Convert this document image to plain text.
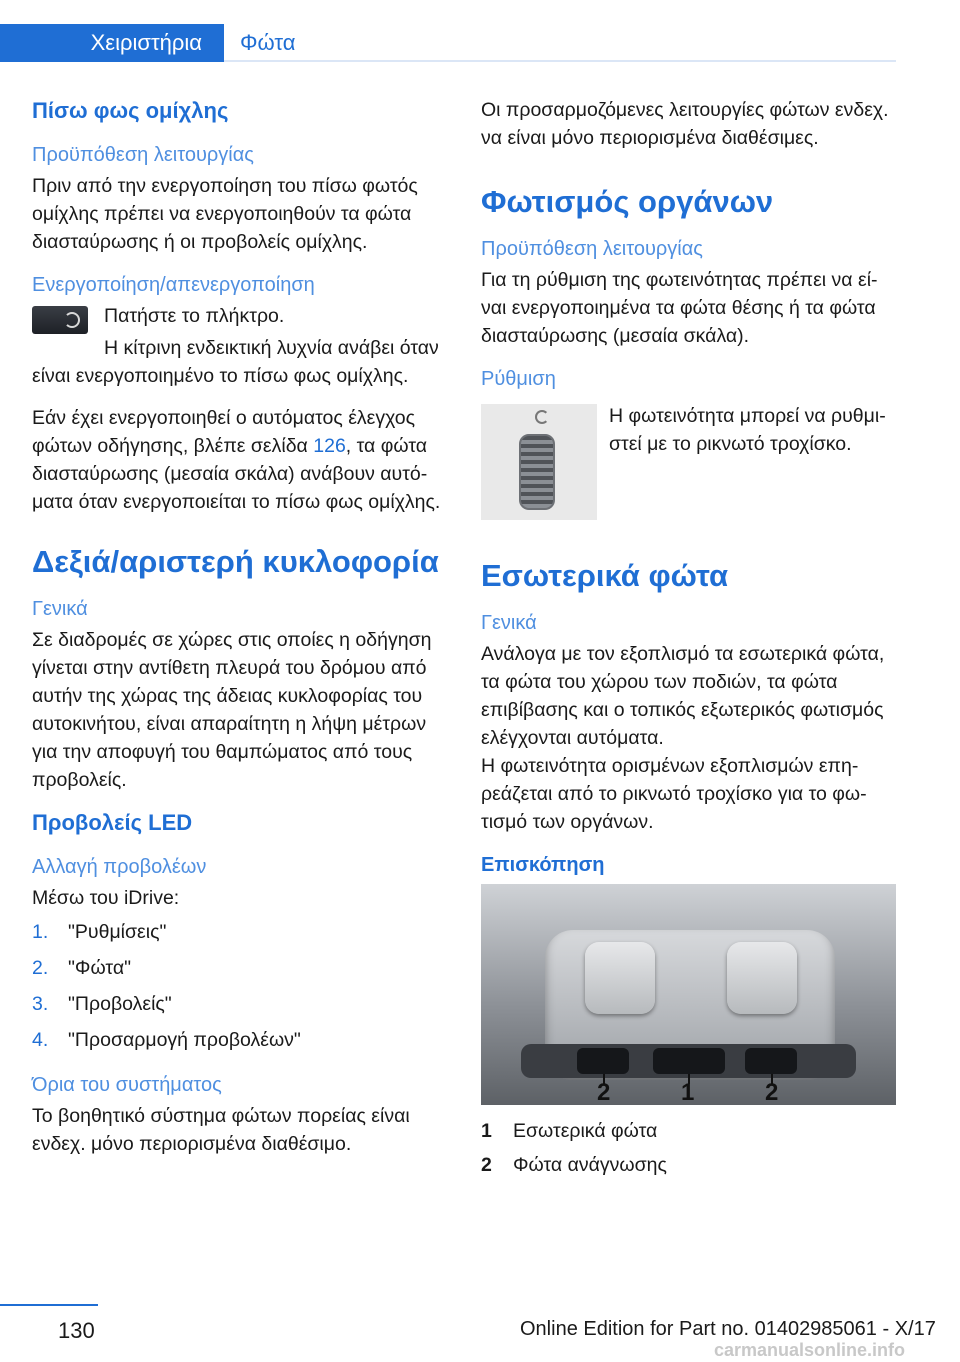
Χειριστήρια	Φώτα
Πίσω φως ομίχλης
Προϋπόθεση λειτουργίας

Πριν από την ενεργοποίηση του πίσω φωτός ομίχλης πρέπει να ενεργοποιηθούν τα φώτα διασταύρωσης ή οι προβολείς ομίχλης.

Ενεργοποίηση/απενεργοποίηση

Πατήστε το πλήκτρο.

Η κίτρινη ενδεικτική λυχνία ανάβει όταν είναι ενεργοποιημένο το πίσω φως ομίχλης.

Εάν έχει ενεργοποιηθεί ο αυτόματος έλεγχος φώτων οδήγησης, βλέπε σελίδα 126, τα φώτα διασταύρωσης (μεσαία σκάλα) ανάβουν αυτόματα όταν ενεργοποιείται το πίσω φως ομίχλης.

Δεξιά/αριστερή κυκλοφορία
Γενικά

Σε διαδρομές σε χώρες στις οποίες η οδήγηση γίνεται στην αντίθετη πλευρά του δρόμου από αυτήν της χώρας της άδειας κυκλοφορίας του αυτοκινήτου, είναι απαραίτητη η λήψη μέτρων για την αποφυγή του θαμπώματος από τους προβολείς.

Προβολείς LED
Αλλαγή προβολέων

Μέσω του iDrive:

1.	"Ρυθμίσεις"
2.	"Φώτα"
3.	"Προβολείς"
4.	"Προσαρμογή προβολέων"
Όρια του συστήματος

Το βοηθητικό σύστημα φώτων πορείας είναι ενδεχ. μόνο περιορισμένα διαθέσιμο.

Οι προσαρμοζόμενες λειτουργίες φώτων ενδεχ. να είναι μόνο περιορισμένα διαθέσιμες.

Φωτισμός οργάνων
Προϋπόθεση λειτουργίας

Για τη ρύθμιση της φωτεινότητας πρέπει να είναι ενεργοποιημένα τα φώτα θέσης ή τα φώτα διασταύρωσης (μεσαία σκάλα).

Ρύθμιση

Η φωτεινότητα μπορεί να ρυθμιστεί με το ρικνωτό τροχίσκο.

Εσωτερικά φώτα
Γενικά

Ανάλογα με τον εξοπλισμό τα εσωτερικά φώτα, τα φώτα του χώρου των ποδιών, τα φώτα επιβίβασης και ο τοπικός εξωτερικός φωτισμός ελέγχονται αυτόματα.

Η φωτεινότητα ορισμένων εξοπλισμών επηρεάζεται από το ρικνωτό τροχίσκο για το φωτισμό των οργάνων.

Επισκόπηση
2	1	2
1	Εσωτερικά φώτα
2	Φώτα ανάγνωσης
130	Online Edition for Part no. 01402985061 - X/17
carmanualsonline.info
